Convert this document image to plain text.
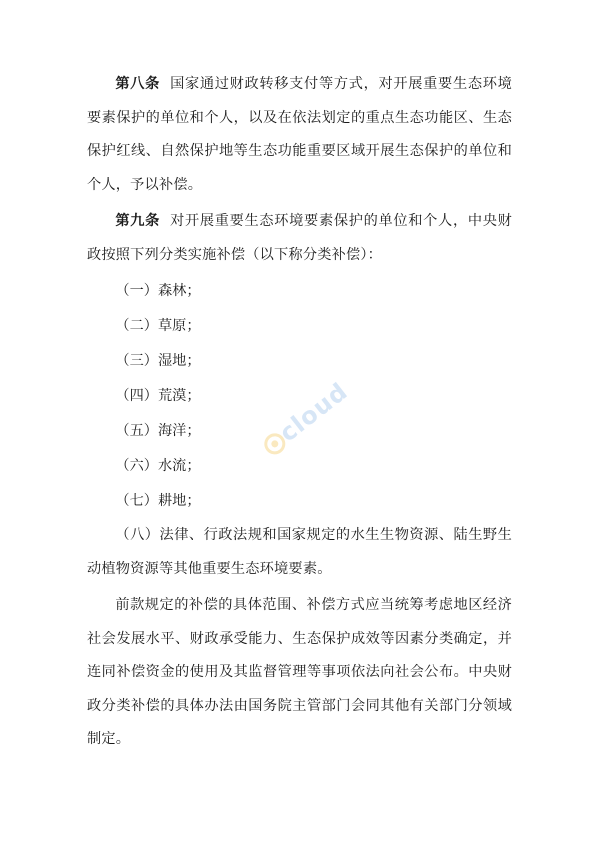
第八条 国家通过财政转移支付等方式，对开展重要生态环境要素保护的单位和个人，以及在依法划定的重点生态功能区、生态保护红线、自然保护地等生态功能重要区域开展生态保护的单位和个人，予以补偿。

第九条 对开展重要生态环境要素保护的单位和个人，中央财政按照下列分类实施补偿（以下称分类补偿）：

（一）森林；

（二）草原；

（三）湿地；

（四）荒漠；

（五）海洋；

（六）水流；

（七）耕地；

（八）法律、行政法规和国家规定的水生生物资源、陆生野生动植物资源等其他重要生态环境要素。

前款规定的补偿的具体范围、补偿方式应当统筹考虑地区经济社会发展水平、财政承受能力、生态保护成效等因素分类确定，并连同补偿资金的使用及其监督管理等事项依法向社会公布。中央财政分类补偿的具体办法由国务院主管部门会同其他有关部门分领域制定。

cloud
